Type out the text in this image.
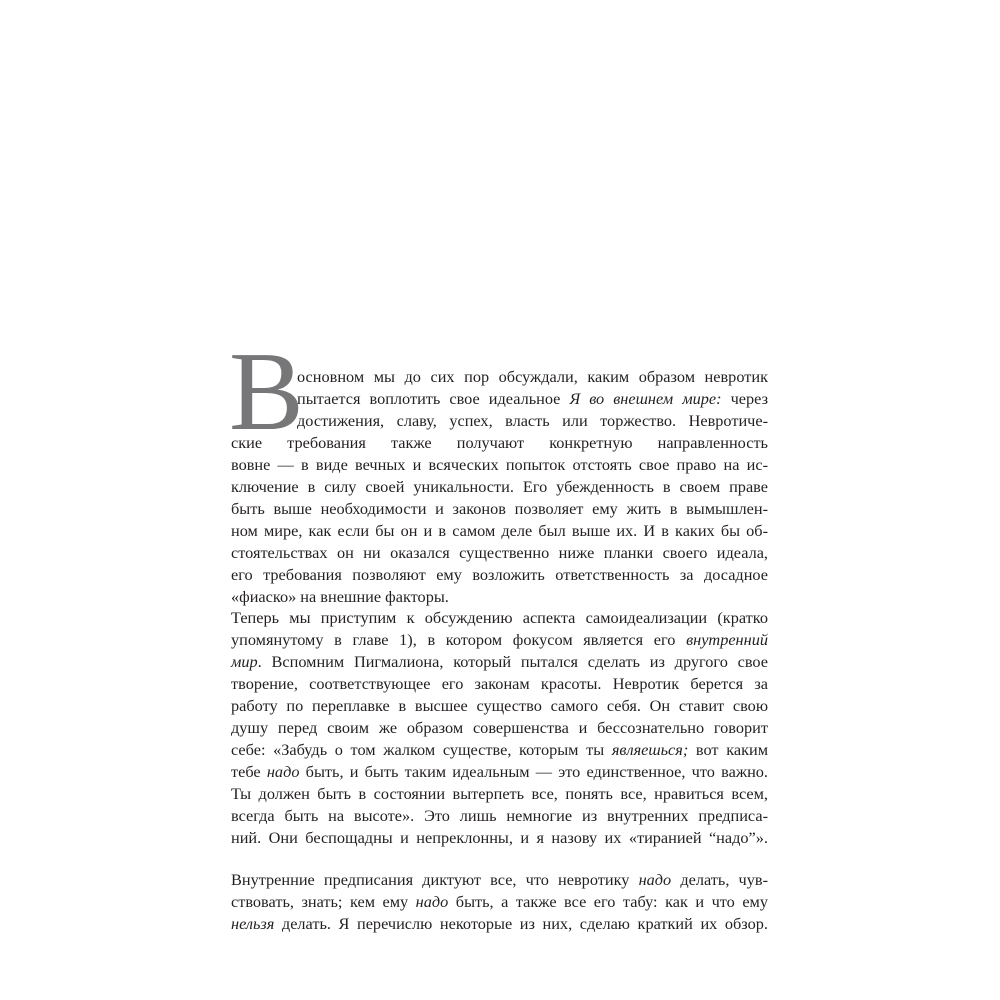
В
основном мы до сих пор обсуждали, каким образом невротик
пытается воплотить свое идеальное Я во внешнем мире: через
достижения, славу, успех, власть или торжество. Невротиче-
ские требования также получают конкретную направленность
вовне — в виде вечных и всяческих попыток отстоять свое право на ис-
ключение в силу своей уникальности. Его убежденность в своем праве
быть выше необходимости и законов позволяет ему жить в вымышлен-
ном мире, как если бы он и в самом деле был выше их. И в каких бы об-
стоятельствах он ни оказался существенно ниже планки своего идеала,
его требования позволяют ему возложить ответственность за досадное
«фиаско» на внешние факторы.
Теперь мы приступим к обсуждению аспекта самоидеализации (кратко
упомянутому в главе 1), в котором фокусом является его внутренний
мир. Вспомним Пигмалиона, который пытался сделать из другого свое
творение, соответствующее его законам красоты. Невротик берется за
работу по переплавке в высшее существо самого себя. Он ставит свою
душу перед своим же образом совершенства и бессознательно говорит
себе: «Забудь о том жалком существе, которым ты являешься; вот каким
тебе надо быть, и быть таким идеальным — это единственное, что важно.
Ты должен быть в состоянии вытерпеть все, понять все, нравиться всем,
всегда быть на высоте». Это лишь немногие из внутренних предписа-
ний. Они беспощадны и непреклонны, и я назову их «тиранией “надо”».
Внутренние предписания диктуют все, что невротику надо делать, чув-
ствовать, знать; кем ему надо быть, а также все его табу: как и что ему
нельзя делать. Я перечислю некоторые из них, сделаю краткий их обзор.
